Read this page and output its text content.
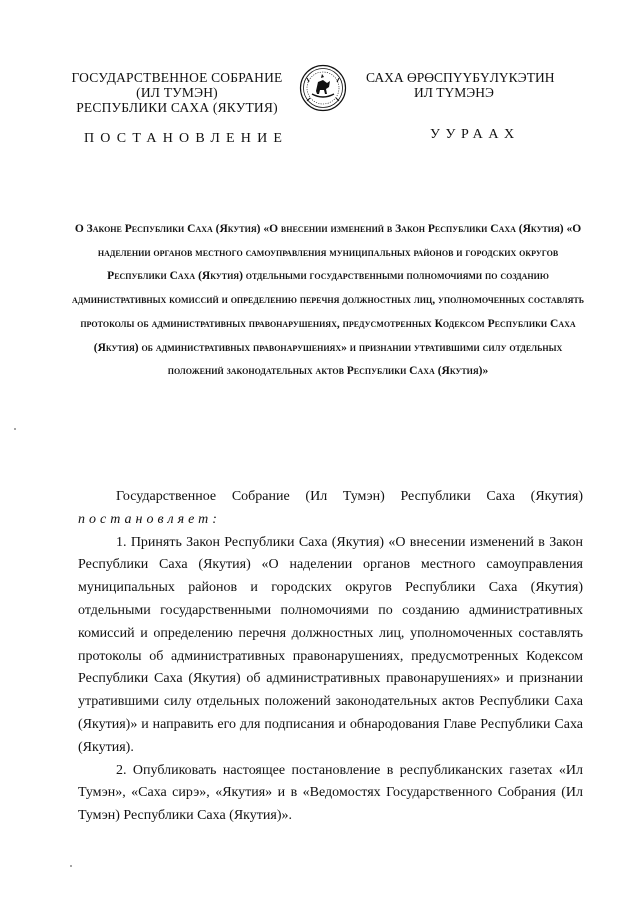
ГОСУДАРСТВЕННОЕ СОБРАНИЕ
(ИЛ ТУМЭН)
РЕСПУБЛИКИ САХА (ЯКУТИЯ)
САХА ӨРӨСПҮҮБҮЛҮКЭТИН
ИЛ ТҮМЭНЭ
ПОСТАНОВЛЕНИЕ	УУРААХ
О Законе Республики Саха (Якутия) «О внесении изменений в Закон Республики Саха (Якутия) «О наделении органов местного самоуправления муниципальных районов и городских округов Республики Саха (Якутия) отдельными государственными полномочиями по созданию административных комиссий и определению перечня должностных лиц, уполномоченных составлять протоколы об административных правонарушениях, предусмотренных Кодексом Республики Саха (Якутия) об административных правонарушениях» и признании утратившими силу отдельных положений законодательных актов Республики Саха (Якутия)»

Государственное Собрание (Ил Тумэн) Республики Саха (Якутия)

постановляет:

1. Принять Закон Республики Саха (Якутия) «О внесении изменений в Закон Республики Саха (Якутия) «О наделении органов местного самоуправления муниципальных районов и городских округов Республики Саха (Якутия) отдельными государственными полномочиями по созданию административных комиссий и определению перечня должностных лиц, уполномоченных составлять протоколы об административных правонарушениях, предусмотренных Кодексом Республики Саха (Якутия) об административных правонарушениях» и признании утратившими силу отдельных положений законодательных актов Республики Саха (Якутия)» и направить его для подписания и обнародования Главе Республики Саха (Якутия).

2. Опубликовать настоящее постановление в республиканских газетах «Ил Тумэн», «Саха сирэ», «Якутия» и в «Ведомостях Государственного Собрания (Ил Тумэн) Республики Саха (Якутия)».
